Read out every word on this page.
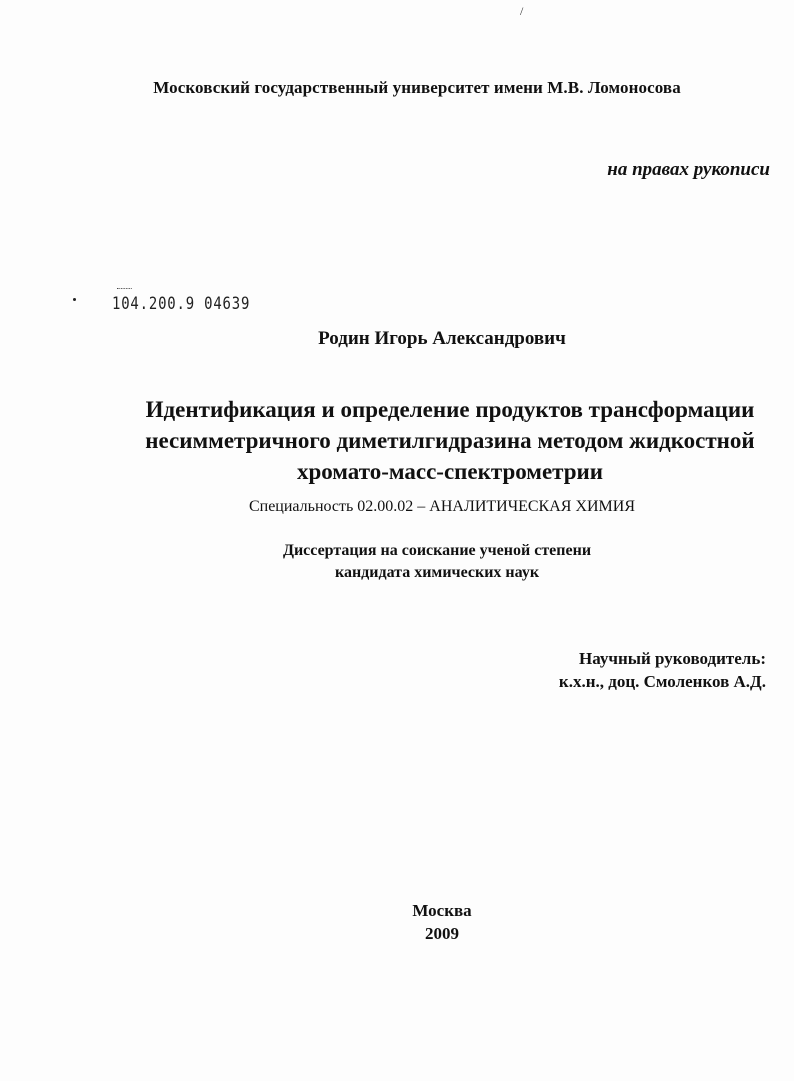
/
Московский государственный университет имени М.В. Ломоносова
на правах рукописи
104.200.9 04639
Родин Игорь Александрович
Идентификация и определение продуктов трансформации
несимметричного диметилгидразина методом жидкостной
хромато-масс-спектрометрии
Специальность 02.00.02 – АНАЛИТИЧЕСКАЯ ХИМИЯ
Диссертация на соискание ученой степени
кандидата химических наук
Научный руководитель:
к.х.н., доц. Смоленков А.Д.
Москва
2009
